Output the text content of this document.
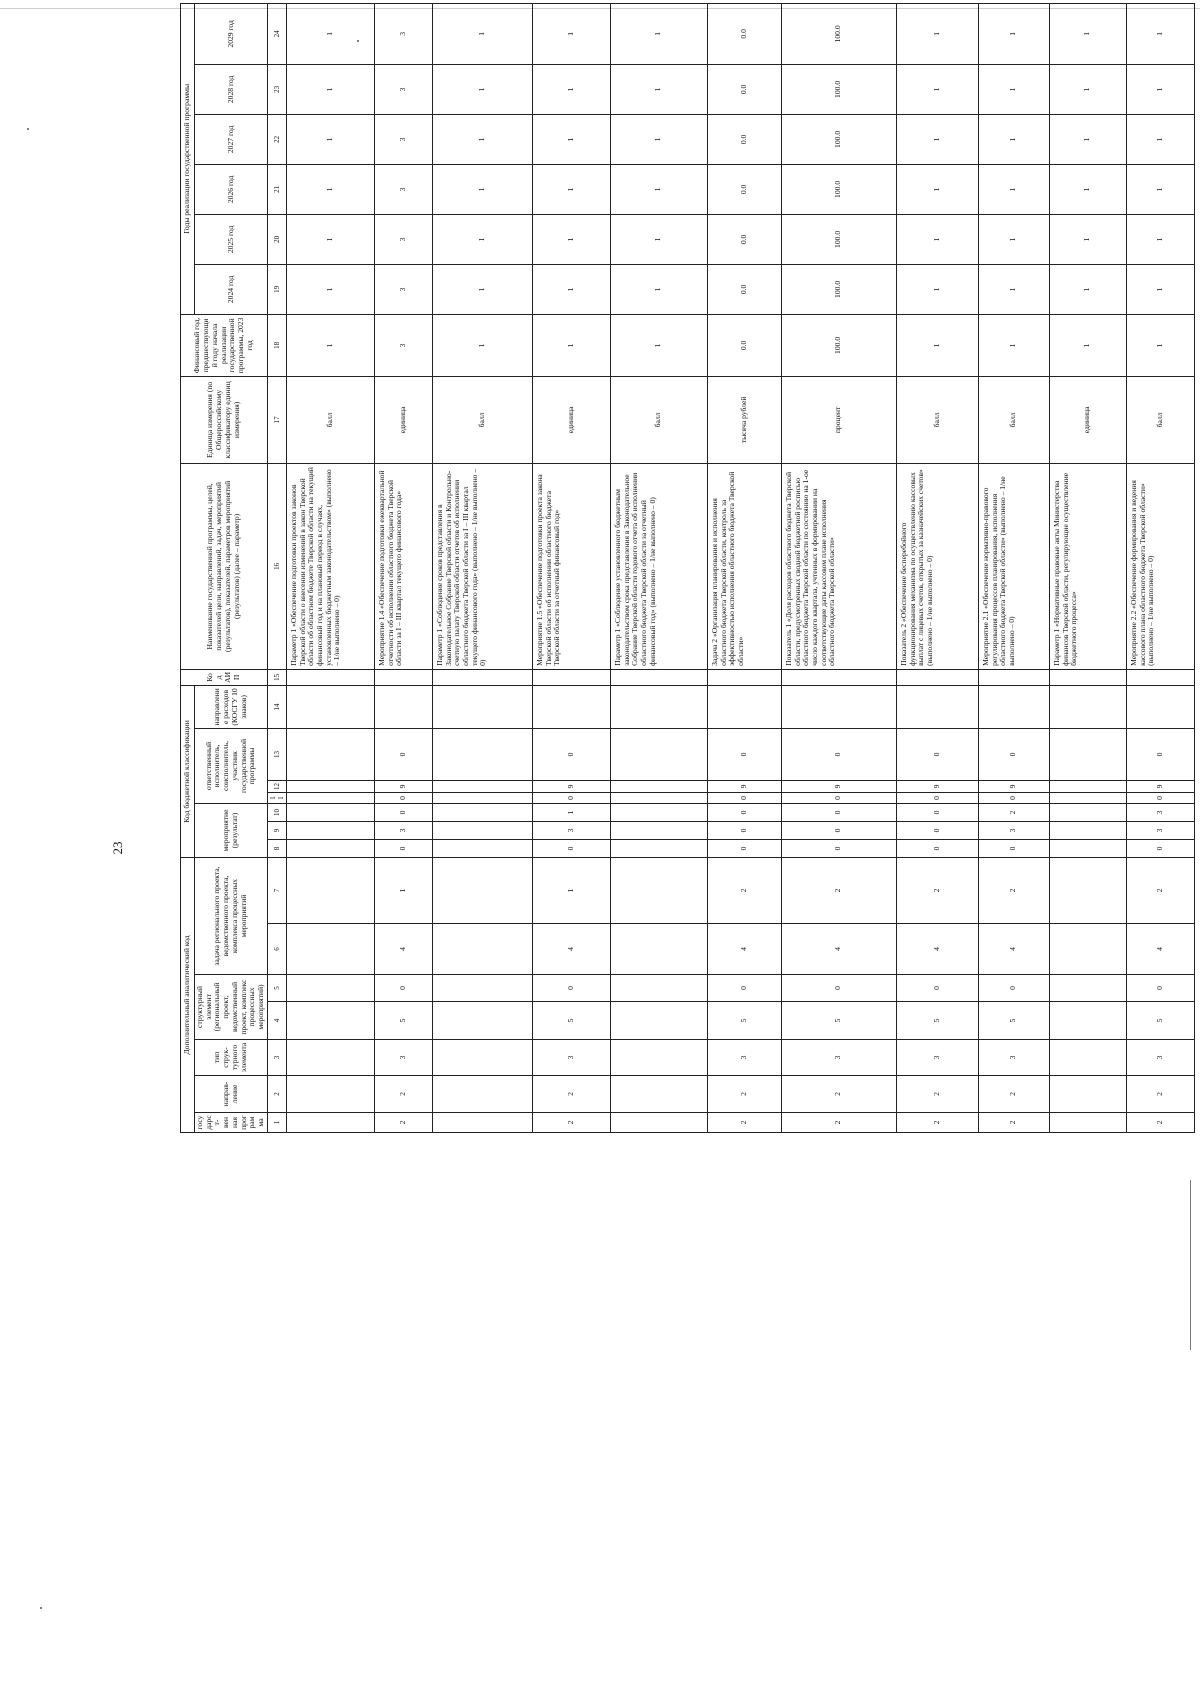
23
Дополнительный аналитический код							Код бюджетной классификации							Код АИП	Наименование государственной программы, целей, показателей цели, направлений, задач, мероприятий (результатов), показателей, параметров мероприятий (результатов) (далее – параметр)	Единица измерения (по Общероссийскому классификатору единиц измерения)	Финансовый год, предшествующий году начала реализации государственной программы, 2023 год	Годы реализации государственной программы					
государст-венная программа	направ-ление	тип струк-турного элемента	структурный элемент (региональный проект, ведомственный проект, комплекс процессных мероприятий)		задача регионального проекта, ведомственного проекта, комплекса процессных мероприятий		мероприятие (результат)			ответственный исполнитель, соисполнитель, участник государственной программы			направление расходов (КОСГУ 10 знаков)					2024 год	2025 год	2026 год	2027 год	2028 год	2029 год
1	2	3	4	5	6	7	8	9	10	11	12	13	14	15	16	17	18	19	20	21	22	23	24
															Параметр 1 «Обеспечение подготовки проектов законов Тверской области о внесении изменений в закон Тверской области об областном бюджете Тверской области на текущий финансовый год и на плановый период в случаях, установленных бюджетным законодательством» (выполнено – 1/не выполнено – 0)	балл	1	1	1	1	1	1	1
2	2	3	5	0	4	1	0	3	0	0	9	0			Мероприятие 1.4 «Обеспечение подготовки ежеквартальной отчетности об исполнении областного бюджета Тверской области за I – III квартал текущего финансового года»	единица	3	3	3	3	3	3	3
															Параметр 1 «Соблюдение сроков представления в Законодательное Собрание Тверской области и Контрольно-счетную палату Тверской области отчетов об исполнении областного бюджета Тверской области за I – III квартал текущего финансового года» (выполнено – 1/не выполнено – 0)	балл	1	1	1	1	1	1	1
2	2	3	5	0	4	1	0	3	1	0	9	0			Мероприятие 1.5 «Обеспечение подготовки проекта закона Тверской области об исполнении областного бюджета Тверской области за отчетный финансовый год»	единица	1	1	1	1	1	1	1
															Параметр 1 «Соблюдение установленного бюджетным законодательством срока представления в Законодательное Собрание Тверской области годового отчета об исполнении областного бюджета Тверской области за отчетный финансовый год» (выполнено – 1/не выполнено – 0)	балл	1	1	1	1	1	1	1
2	2	3	5	0	4	2	0	0	0	0	9	0			Задача 2 «Организация планирования и исполнения областного бюджета Тверской области, контроль за эффективностью исполнения областного бюджета Тверской области»	тысяча рублей	0.0	0.0	0.0	0.0	0.0	0.0	0.0
2	2	3	5	0	4	2	0	0	0	0	9	0			Показатель 1 «Доля расходов областного бюджета Тверской области, предусмотренных сводной бюджетной росписью областного бюджета Тверской области по состоянию на 1-ое число каждого квартала, учтенных в формировании на соответствующие даты кассовом плане исполнения областного бюджета Тверской области»	процент	100.0	100.0	100.0	100.0	100.0	100.0	100.0
2	2	3	5	0	4	2	0	0	0	0	9	0			Показатель 2 «Обеспечение бесперебойного функционирования механизма по осуществлению кассовых выплат с лицевых счетов, открытых за казначейских счетов» (выполнено – 1/не выполнено – 0)	балл	1	1	1	1	1	1	1
2	2	3	5	0	4	2	0	3	2	0	9	0			Мероприятие 2.1 «Обеспечение нормативно-правового регулирования процессов планирования, исполнения областного бюджета Тверской области» (выполнено – 1/не выполнено – 0)	балл	1	1	1	1	1	1	1
															Параметр 1 «Нормативные правовые акты Министерства финансов Тверской области, регулирующие осуществление бюджетного процесса»	единица	1	1	1	1	1	1	1
2	2	3	5	0	4	2	0	3	3	0	9	0			Мероприятие 2.2 «Обеспечение формирования и ведения кассового плана областного бюджета Тверской области» (выполнено – 1/не выполнено – 0)	балл	1	1	1	1	1	1	1
